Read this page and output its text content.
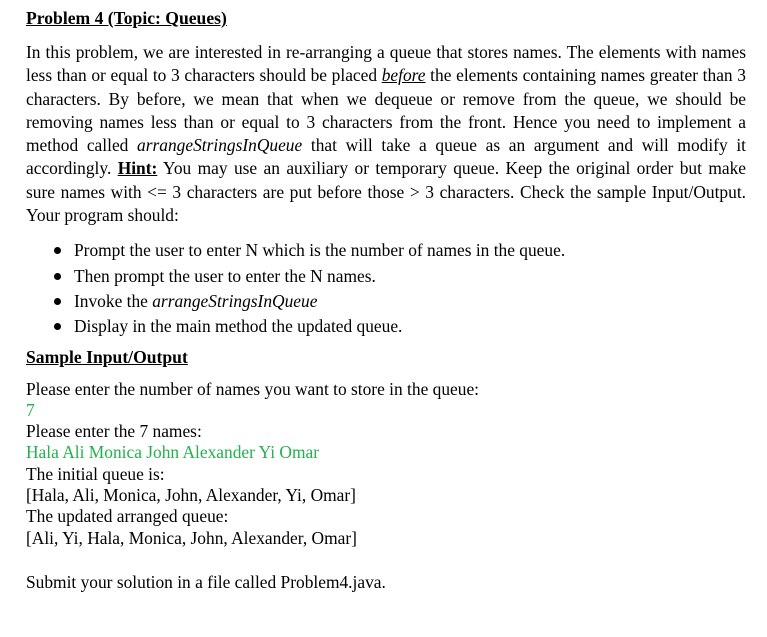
Problem 4 (Topic: Queues)

In this problem, we are interested in re-arranging a queue that stores names. The elements with names less than or equal to 3 characters should be placed before the elements containing names greater than 3 characters. By before, we mean that when we dequeue or remove from the queue, we should be removing names less than or equal to 3 characters from the front. Hence you need to implement a method called arrangeStringsInQueue that will take a queue as an argument and will modify it accordingly. Hint: You may use an auxiliary or temporary queue. Keep the original order but make sure names with <= 3 characters are put before those > 3 characters. Check the sample Input/Output. Your program should:

Prompt the user to enter N which is the number of names in the queue.
Then prompt the user to enter the N names.
Invoke the arrangeStringsInQueue
Display in the main method the updated queue.
Sample Input/Output
Please enter the number of names you want to store in the queue:
7
Please enter the 7 names:
Hala Ali Monica John Alexander Yi Omar
The initial queue is:
[Hala, Ali, Monica, John, Alexander, Yi, Omar]
The updated arranged queue:
[Ali, Yi, Hala, Monica, John, Alexander, Omar]
Submit your solution in a file called Problem4.java.
